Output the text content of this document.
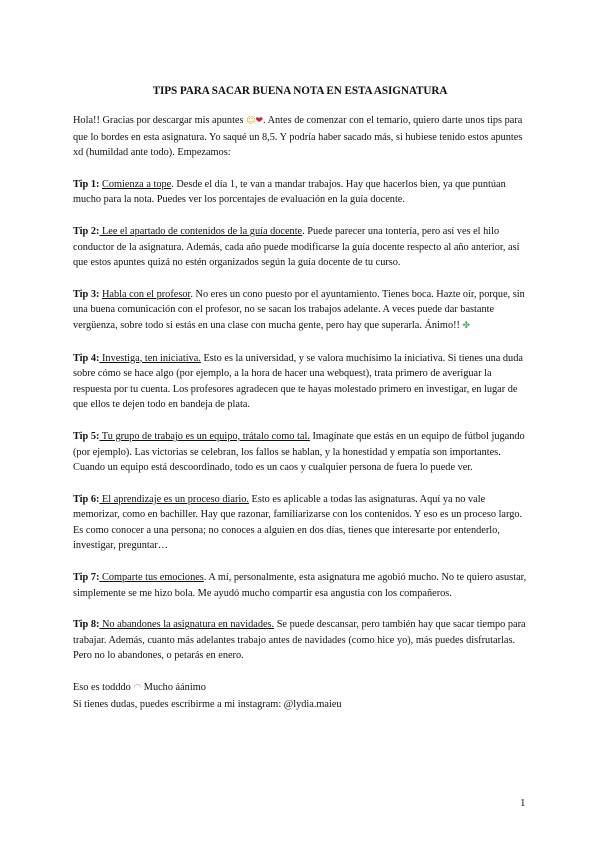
TIPS PARA SACAR BUENA NOTA EN ESTA ASIGNATURA

Hola!! Gracias por descargar mis apuntes ☺❤. Antes de comenzar con el temario, quiero darte unos tips para que lo bordes en esta asignatura. Yo saqué un 8,5. Y podría haber sacado más, si hubiese tenido estos apuntes xd (humildad ante todo). Empezamos:

Tip 1: Comienza a tope. Desde el día 1, te van a mandar trabajos. Hay que hacerlos bien, ya que puntúan mucho para la nota. Puedes ver los porcentajes de evaluación en la guía docente.

Tip 2: Lee el apartado de contenidos de la guía docente. Puede parecer una tontería, pero así ves el hilo conductor de la asignatura. Además, cada año puede modificarse la guía docente respecto al año anterior, así que estos apuntes quizá no estén organizados según la guía docente de tu curso.

Tip 3: Habla con el profesor. No eres un cono puesto por el ayuntamiento. Tienes boca. Hazte oír, porque, sin una buena comunicación con el profesor, no se sacan los trabajos adelante. A veces puede dar bastante vergüenza, sobre todo si estás en una clase con mucha gente, pero hay que superarla. Ánimo!! ✤

Tip 4: Investiga, ten iniciativa. Esto es la universidad, y se valora muchísimo la iniciativa. Si tienes una duda sobre cómo se hace algo (por ejemplo, a la hora de hacer una webquest), trata primero de averiguar la respuesta por tu cuenta. Los profesores agradecen que te hayas molestado primero en investigar, en lugar de que ellos te dejen todo en bandeja de plata.

Tip 5: Tu grupo de trabajo es un equipo, trátalo como tal. Imagínate que estás en un equipo de fútbol jugando (por ejemplo). Las victorias se celebran, los fallos se hablan, y la honestidad y empatía son importantes. Cuando un equipo está descoordinado, todo es un caos y cualquier persona de fuera lo puede ver.

Tip 6: El aprendizaje es un proceso diario. Esto es aplicable a todas las asignaturas. Aquí ya no vale memorizar, como en bachiller. Hay que razonar, familiarizarse con los contenidos. Y eso es un proceso largo. Es como conocer a una persona; no conoces a alguien en dos días, tienes que interesarte por entenderlo, investigar, preguntar…

Tip 7: Comparte tus emociones. A mí, personalmente, esta asignatura me agobió mucho. No te quiero asustar, simplemente se me hizo bola. Me ayudó mucho compartir esa angustia con los compañeros.

Tip 8: No abandones la asignatura en navidades. Se puede descansar, pero también hay que sacar tiempo para trabajar. Además, cuanto más adelantes trabajo antes de navidades (como hice yo), más puedes disfrutarlas. Pero no lo abandones, o petarás en enero.

Eso es todddo ◠ Mucho áánimo
Si tienes dudas, puedes escribirme a mi instagram: @lydia.maieu

1
